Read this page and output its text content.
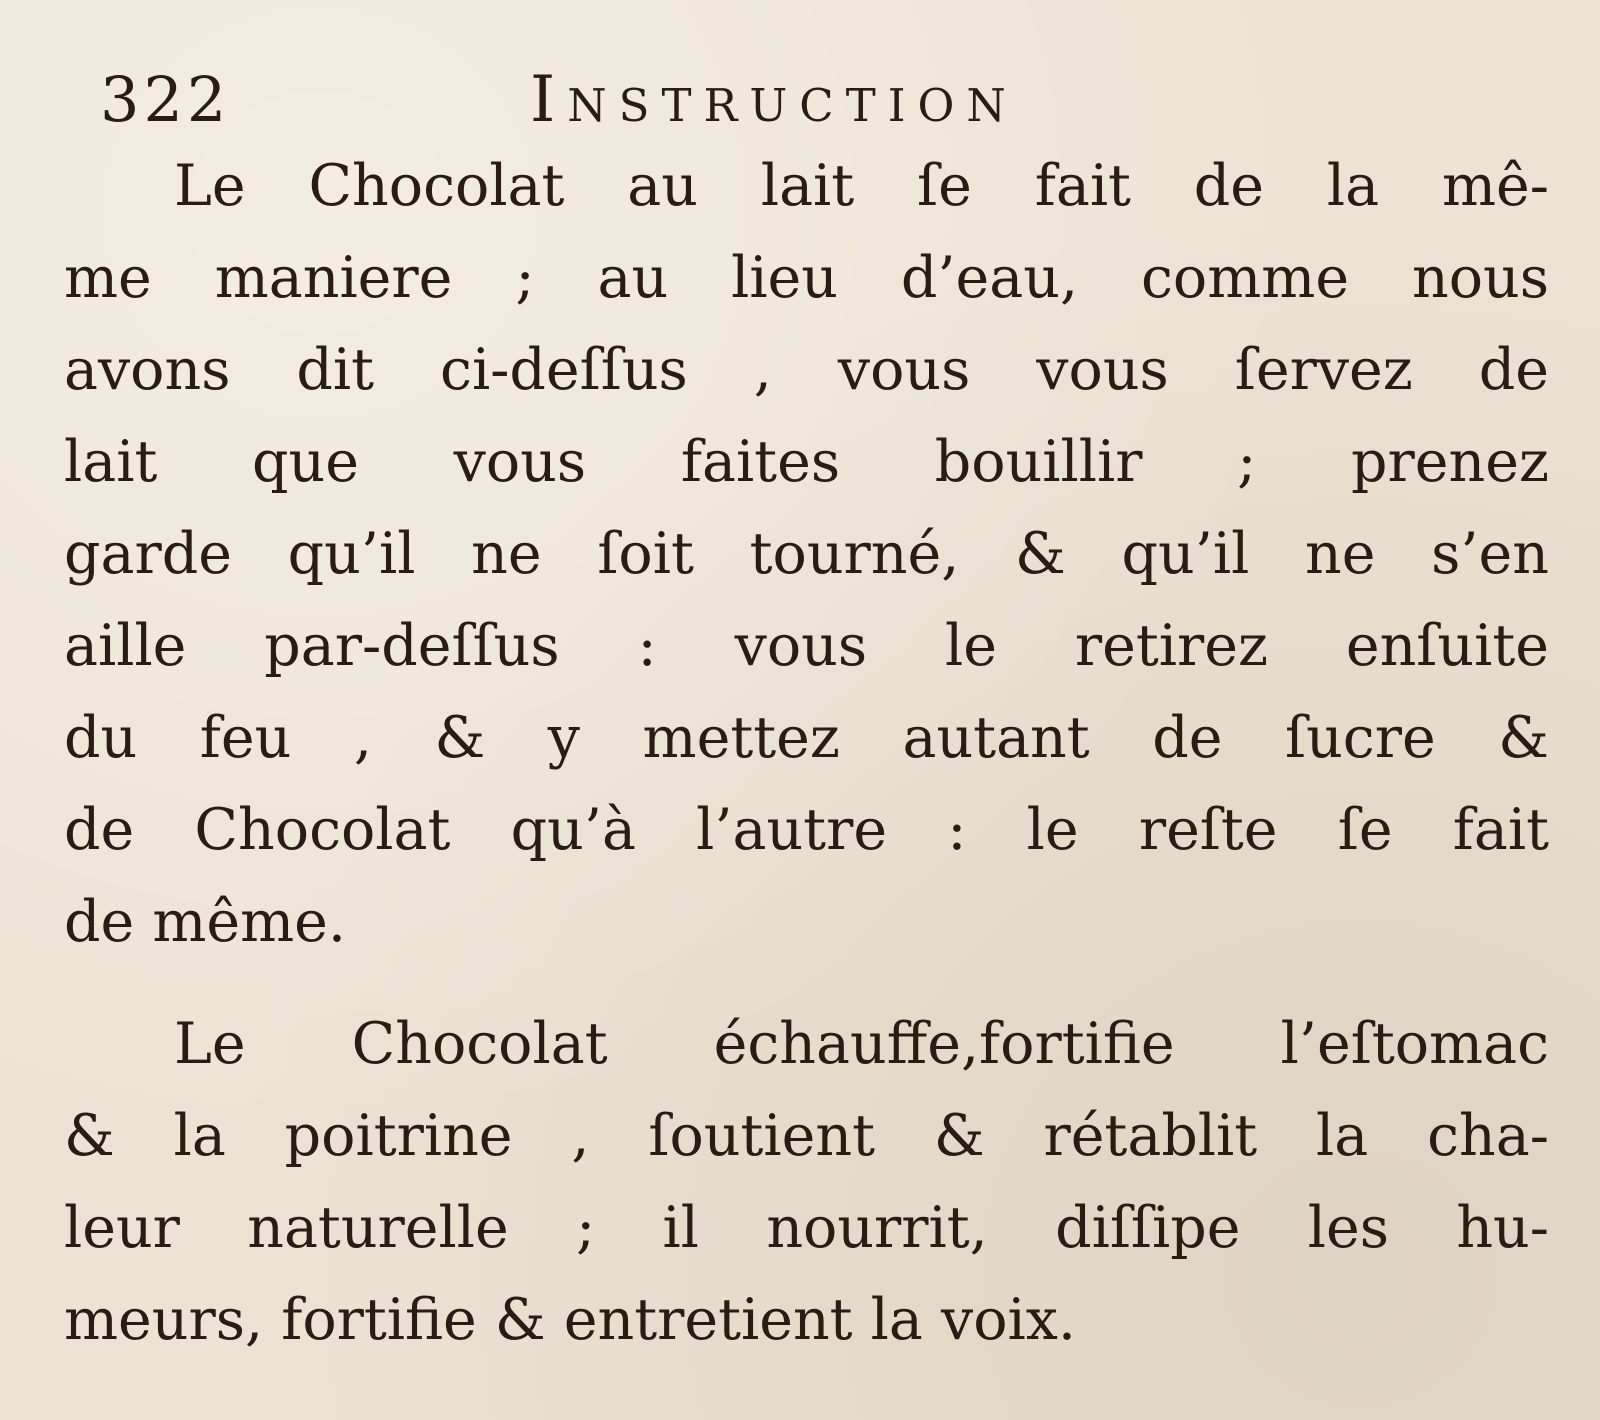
322	Instruction

Le Chocolat au lait ſe fait de la mê-
me maniere ; au lieu d’eau, comme nous
avons dit ci-deſſus , vous vous ſervez de
lait que vous faites bouillir ; prenez
garde qu’il ne ſoit tourné, & qu’il ne s’en
aille par-deſſus : vous le retirez enſuite
du feu , & y mettez autant de ſucre &
de Chocolat qu’à l’autre : le reſte ſe fait
de même.

Le Chocolat échauffe,fortifie l’eſtomac
& la poitrine , ſoutient & rétablit la cha-
leur naturelle ; il nourrit, diſſipe les hu-
meurs, fortifie & entretient la voix.
